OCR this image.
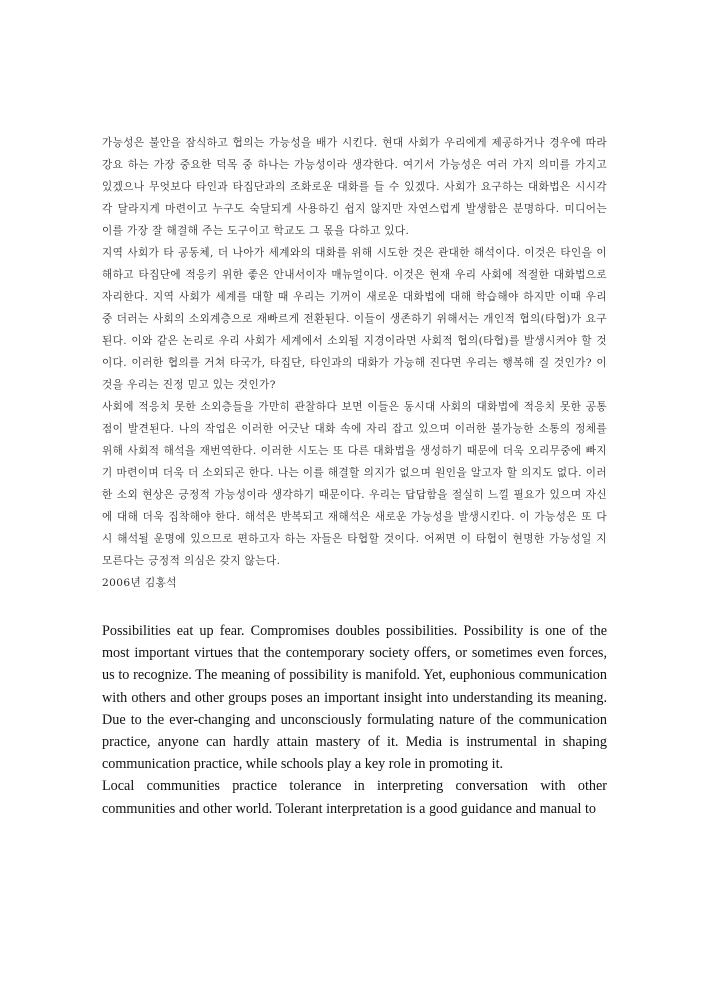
가능성은 불안을 잠식하고 협의는 가능성을 배가 시킨다. 현대 사회가 우리에게 제공하거나 경우에 따라 강요 하는 가장 중요한 덕목 중 하나는 가능성이라 생각한다. 여기서 가능성은 여러 가지 의미를 가지고 있겠으나 무엇보다 타인과 타집단과의 조화로운 대화를 들 수 있겠다. 사회가 요구하는 대화법은 시시각각 달라지게 마련이고 누구도 숙달되게 사용하긴 쉽지 않지만 자연스럽게 발생함은 분명하다. 미디어는 이를 가장 잘 해결해 주는 도구이고 학교도 그 몫을 다하고 있다.

지역 사회가 타 공동체, 더 나아가 세계와의 대화를 위해 시도한 것은 관대한 해석이다. 이것은 타인을 이해하고 타집단에 적응키 위한 좋은 안내서이자 매뉴얼이다. 이것은 현재 우리 사회에 적절한 대화법으로 자리한다. 지역 사회가 세계를 대할 때 우리는 기꺼이 새로운 대화법에 대해 학습해야 하지만 이때 우리 중 더러는 사회의 소외계층으로 재빠르게 전환된다. 이들이 생존하기 위해서는 개인적 협의(타협)가 요구된다. 이와 같은 논리로 우리 사회가 세계에서 소외될 지경이라면 사회적 협의(타협)를 발생시켜야 할 것이다. 이러한 협의를 거쳐 타국가, 타집단, 타인과의 대화가 가능해 진다면 우리는 행복해 질 것인가? 이것을 우리는 진정 믿고 있는 것인가?

사회에 적응치 못한 소외층들을 가만히 관찰하다 보면 이들은 동시대 사회의 대화법에 적응치 못한 공통점이 발견된다. 나의 작업은 이러한 어긋난 대화 속에 자리 잡고 있으며 이러한 불가능한 소통의 정체를 위해 사회적 해석을 재번역한다. 이러한 시도는 또 다른 대화법을 생성하기 때문에 더욱 오리무중에 빠지기 마련이며 더욱 더 소외되곤 한다. 나는 이를 해결할 의지가 없으며 원인을 알고자 할 의지도 없다. 이러한 소외 현상은 긍정적 가능성이라 생각하기 때문이다. 우리는 답답함을 절실히 느낄 필요가 있으며 자신에 대해 더욱 집착해야 한다. 해석은 반복되고 재해석은 새로운 가능성을 발생시킨다. 이 가능성은 또 다시 해석될 운명에 있으므로 편하고자 하는 자들은 타협할 것이다. 어쩌면 이 타협이 현명한 가능성일 지 모른다는 긍정적 의심은 갖지 않는다.

2006년 김홍석

Possibilities eat up fear. Compromises doubles possibilities. Possibility is one of the most important virtues that the contemporary society offers, or sometimes even forces, us to recognize. The meaning of possibility is manifold. Yet, euphonious communication with others and other groups poses an important insight into understanding its meaning. Due to the ever-changing and unconsciously formulating nature of the communication practice, anyone can hardly attain mastery of it. Media is instrumental in shaping communication practice, while schools play a key role in promoting it.

Local communities practice tolerance in interpreting conversation with other communities and other world. Tolerant interpretation is a good guidance and manual to
